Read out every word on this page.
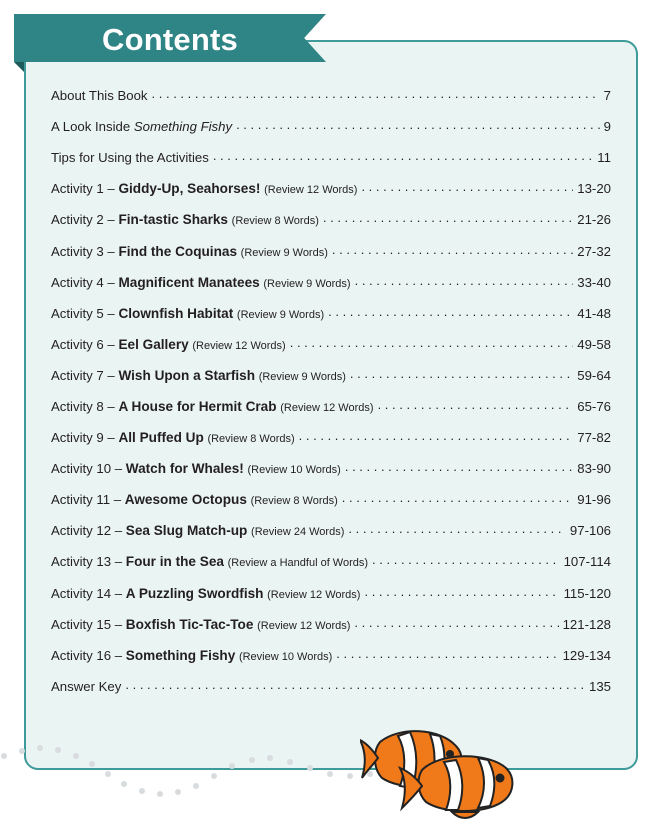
Contents
About This Book . . .	7
A Look Inside Something Fishy . . .	9
Tips for Using the Activities . . .	11
Activity 1 – Giddy-Up, Seahorses! (Review 12 Words) . . .	13-20
Activity 2 – Fin-tastic Sharks (Review 8 Words) . . .	21-26
Activity 3 – Find the Coquinas (Review 9 Words) . . .	27-32
Activity 4 – Magnificent Manatees (Review 9 Words) . . .	33-40
Activity 5 – Clownfish Habitat (Review 9 Words) . . .	41-48
Activity 6 – Eel Gallery (Review 12 Words) . . .	49-58
Activity 7 – Wish Upon a Starfish (Review 9 Words) . . .	59-64
Activity 8 – A House for Hermit Crab (Review 12 Words) . . .	65-76
Activity 9 – All Puffed Up (Review 8 Words) . . .	77-82
Activity 10 – Watch for Whales! (Review 10 Words) . . .	83-90
Activity 11 – Awesome Octopus (Review 8 Words) . . .	91-96
Activity 12 – Sea Slug Match-up (Review 24 Words) . . .	97-106
Activity 13 – Four in the Sea (Review a Handful of Words) . . .	107-114
Activity 14 – A Puzzling Swordfish (Review 12 Words) . . .	115-120
Activity 15 – Boxfish Tic-Tac-Toe (Review 12 Words) . . .	121-128
Activity 16 – Something Fishy (Review 10 Words) . . .	129-134
Answer Key . . .	135
